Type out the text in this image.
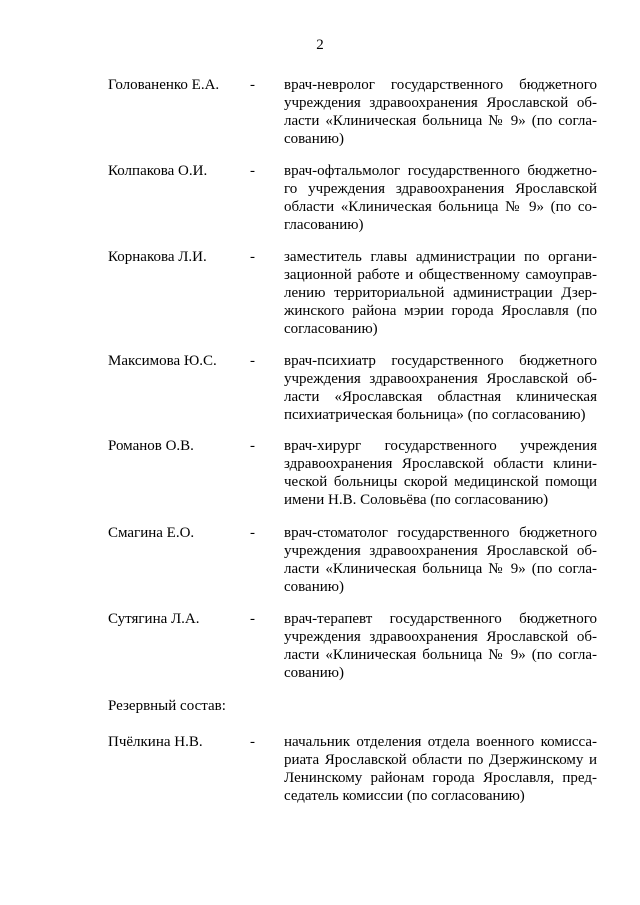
2
Голованенко Е.А. - врач-невролог государственного бюджетного
учреждения здравоохранения Ярославской об-
ласти «Клиническая больница № 9» (по согла-
сованию)
Колпакова О.И.	- врач-офтальмолог государственного бюджетно-
го учреждения здравоохранения Ярославской
области «Клиническая больница № 9» (по со-
гласованию)
Корнакова Л.И.	- заместитель главы администрации по органи-
зационной работе и общественному самоуправ-
лению территориальной администрации Дзер-
жинского района мэрии города Ярославля (по
согласованию)
Максимова Ю.С. - врач-психиатр государственного бюджетного
учреждения здравоохранения Ярославской об-
ласти «Ярославская областная клиническая
психиатрическая больница» (по согласованию)
Романов О.В.	- врач-хирург государственного учреждения
здравоохранения Ярославской области клини-
ческой больницы скорой медицинской помощи
имени Н.В. Соловьёва (по согласованию)
Смагина Е.О.	- врач-стоматолог государственного бюджетного
учреждения здравоохранения Ярославской об-
ласти «Клиническая больница № 9» (по согла-
сованию)
Сутягина Л.А.	- врач-терапевт государственного бюджетного
учреждения здравоохранения Ярославской об-
ласти «Клиническая больница № 9» (по согла-
сованию)
Резервный состав:
Пчёлкина Н.В.	- начальник отделения отдела военного комисса-
риата Ярославской области по Дзержинскому и
Ленинскому районам города Ярославля, пред-
седатель комиссии (по согласованию)
